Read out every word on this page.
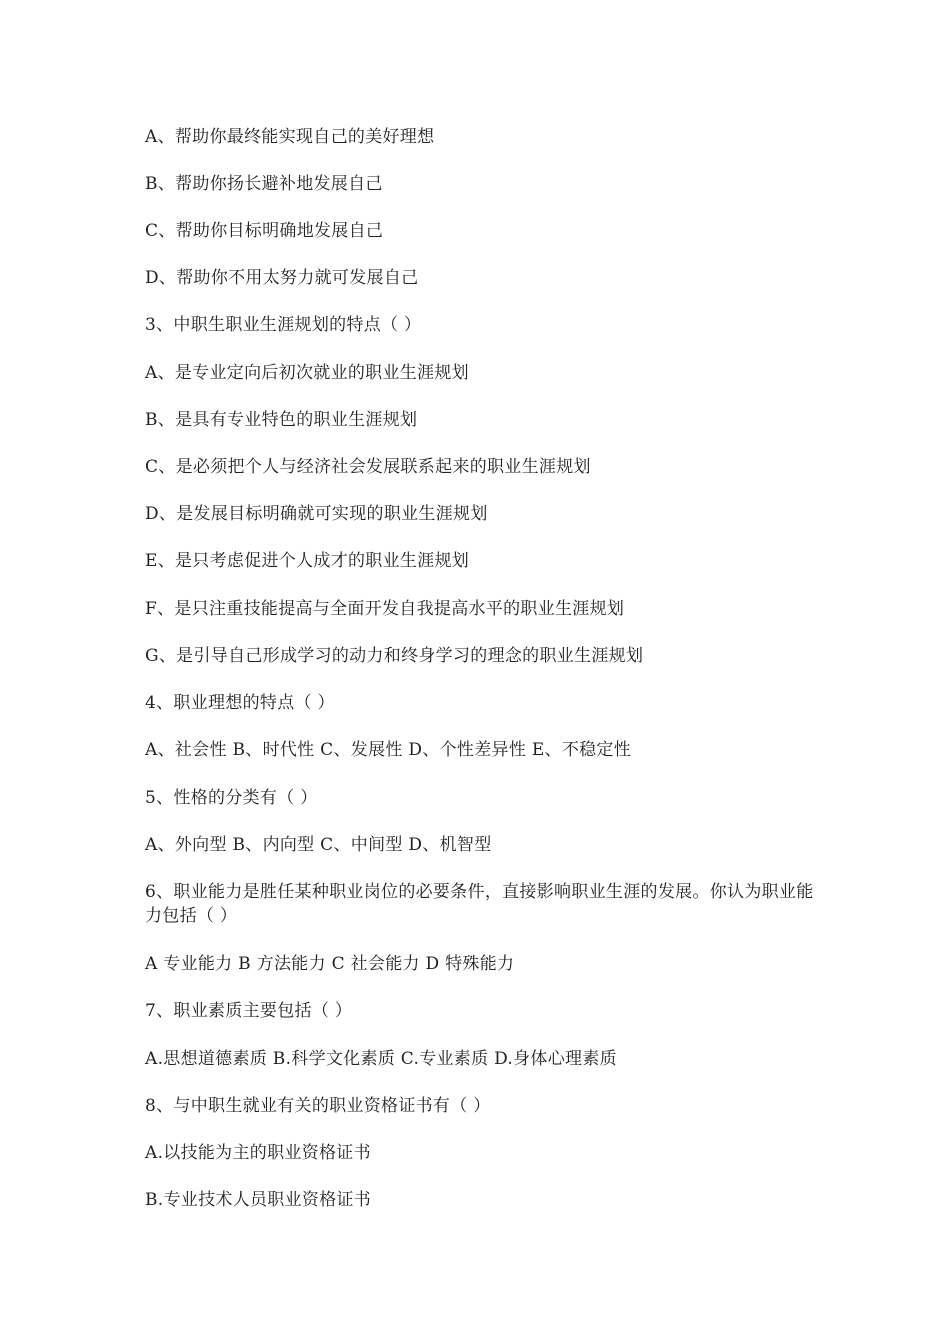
A、帮助你最终能实现自己的美好理想
B、帮助你扬长避补地发展自己
C、帮助你目标明确地发展自己
D、帮助你不用太努力就可发展自己
3、中职生职业生涯规划的特点（ ）
A、是专业定向后初次就业的职业生涯规划
B、是具有专业特色的职业生涯规划
C、是必须把个人与经济社会发展联系起来的职业生涯规划
D、是发展目标明确就可实现的职业生涯规划
E、是只考虑促进个人成才的职业生涯规划
F、是只注重技能提高与全面开发自我提高水平的职业生涯规划
G、是引导自己形成学习的动力和终身学习的理念的职业生涯规划
4、职业理想的特点（ ）
A、社会性 B、时代性 C、发展性 D、个性差异性 E、不稳定性
5、性格的分类有（ ）
A、外向型 B、内向型 C、中间型 D、机智型
6、职业能力是胜任某种职业岗位的必要条件，直接影响职业生涯的发展。你认为职业能力包括（ ）
A 专业能力 B 方法能力 C 社会能力 D 特殊能力
7、职业素质主要包括（ ）
A.思想道德素质 B.科学文化素质 C.专业素质 D.身体心理素质
8、与中职生就业有关的职业资格证书有（ ）
A.以技能为主的职业资格证书
B.专业技术人员职业资格证书
